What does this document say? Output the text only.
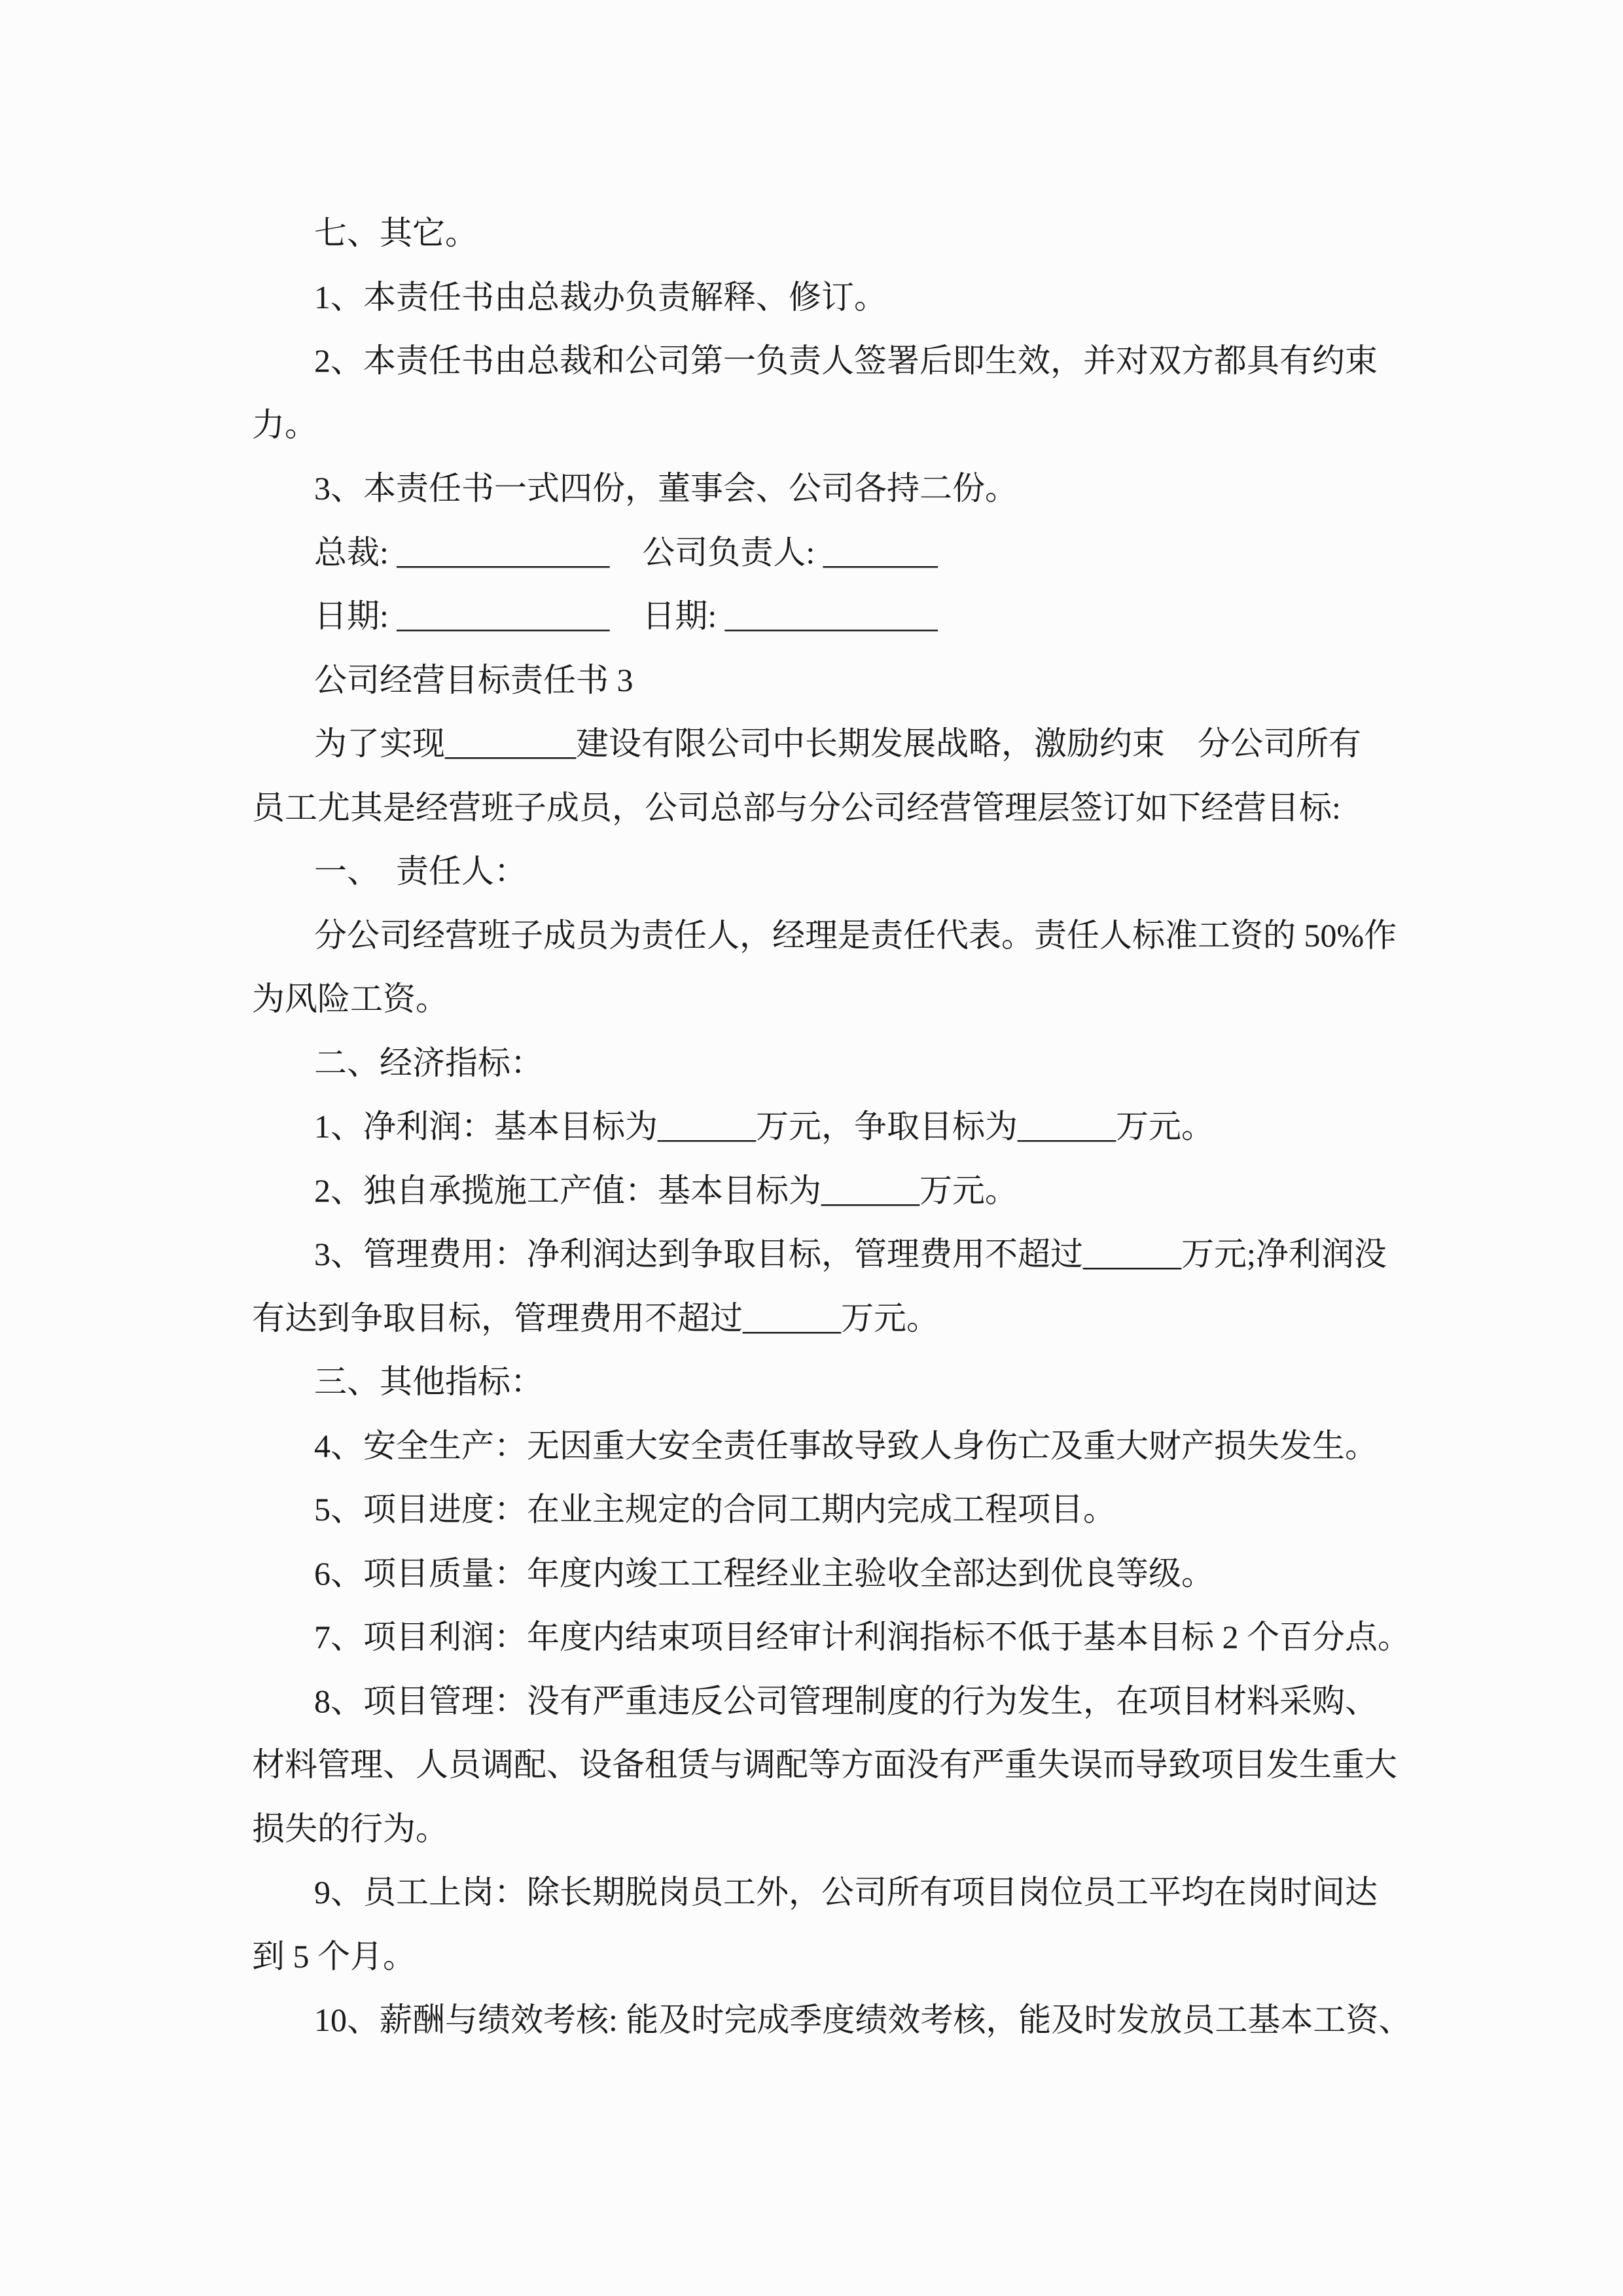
七、其它。
1、本责任书由总裁办负责解释、修订。
2、本责任书由总裁和公司第一负责人签署后即生效，并对双方都具有约束
力。
3、本责任书一式四份，董事会、公司各持二份。
总裁: _____________　公司负责人: _______
日期: _____________　日期: _____________
公司经营目标责任书 3
为了实现________建设有限公司中长期发展战略，激励约束　分公司所有
员工尤其是经营班子成员，公司总部与分公司经营管理层签订如下经营目标:
一、　责任人：
分公司经营班子成员为责任人，经理是责任代表。责任人标准工资的 50%作
为风险工资。
二、经济指标：
1、净利润：基本目标为______万元，争取目标为______万元。
2、独自承揽施工产值：基本目标为______万元。
3、管理费用：净利润达到争取目标，管理费用不超过______万元;净利润没
有达到争取目标，管理费用不超过______万元。
三、其他指标：
4、安全生产：无因重大安全责任事故导致人身伤亡及重大财产损失发生。
5、项目进度：在业主规定的合同工期内完成工程项目。
6、项目质量：年度内竣工工程经业主验收全部达到优良等级。
7、项目利润：年度内结束项目经审计利润指标不低于基本目标 2 个百分点。
8、项目管理：没有严重违反公司管理制度的行为发生，在项目材料采购、
材料管理、人员调配、设备租赁与调配等方面没有严重失误而导致项目发生重大
损失的行为。
9、员工上岗：除长期脱岗员工外，公司所有项目岗位员工平均在岗时间达
到 5 个月。
10、薪酬与绩效考核: 能及时完成季度绩效考核，能及时发放员工基本工资、
